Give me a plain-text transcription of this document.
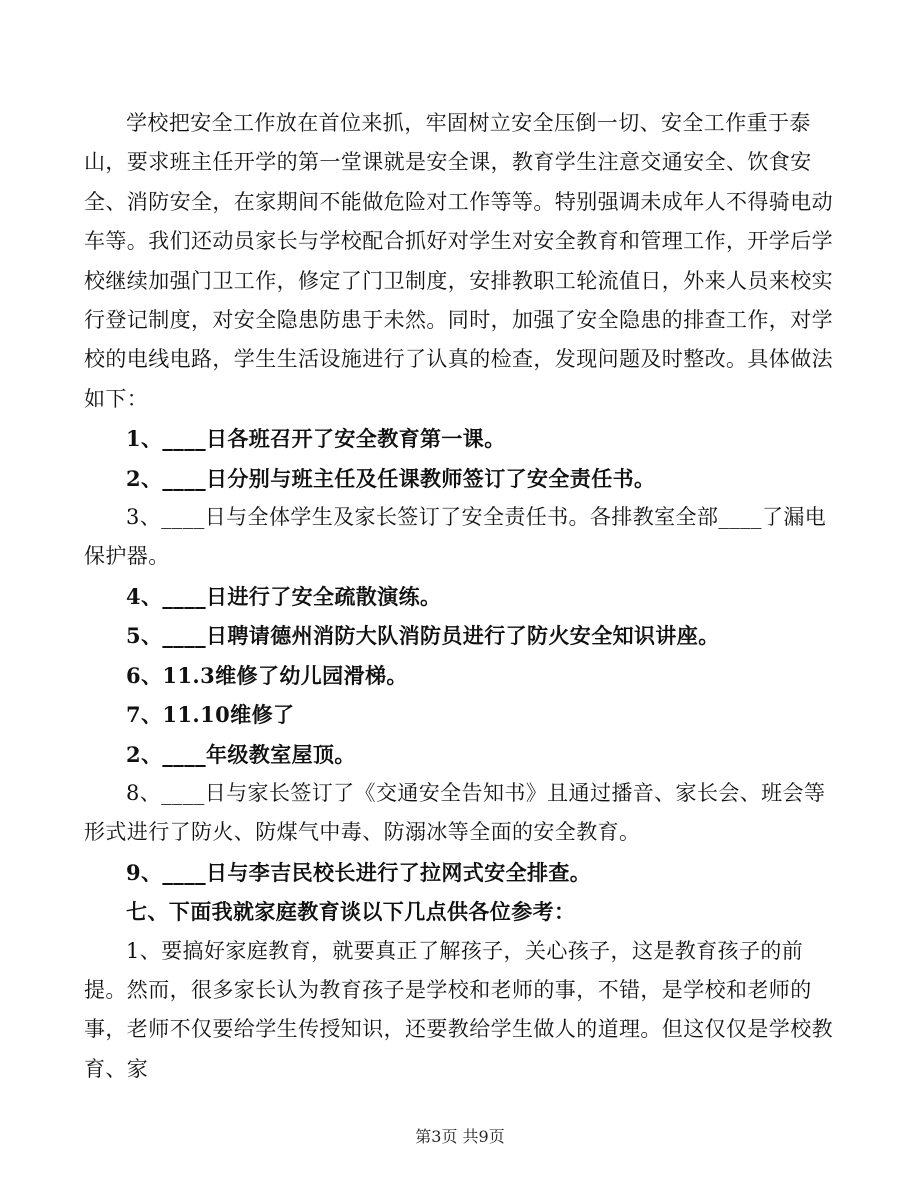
学校把安全工作放在首位来抓，牢固树立安全压倒一切、安全工作重于泰山，要求班主任开学的第一堂课就是安全课，教育学生注意交通安全、饮食安全、消防安全，在家期间不能做危险对工作等等。特别强调未成年人不得骑电动车等。我们还动员家长与学校配合抓好对学生对安全教育和管理工作，开学后学校继续加强门卫工作，修定了门卫制度，安排教职工轮流值日，外来人员来校实行登记制度，对安全隐患防患于未然。同时，加强了安全隐患的排查工作，对学校的电线电路，学生生活设施进行了认真的检查，发现问题及时整改。具体做法如下：

1、____日各班召开了安全教育第一课。

2、____日分别与班主任及任课教师签订了安全责任书。

3、____日与全体学生及家长签订了安全责任书。各排教室全部____了漏电保护器。

4、____日进行了安全疏散演练。

5、____日聘请德州消防大队消防员进行了防火安全知识讲座。

6、11.3维修了幼儿园滑梯。

7、11.10维修了

2、____年级教室屋顶。

8、____日与家长签订了《交通安全告知书》且通过播音、家长会、班会等形式进行了防火、防煤气中毒、防溺冰等全面的安全教育。

9、____日与李吉民校长进行了拉网式安全排查。

七、下面我就家庭教育谈以下几点供各位参考：

1、要搞好家庭教育，就要真正了解孩子，关心孩子，这是教育孩子的前提。然而，很多家长认为教育孩子是学校和老师的事，不错，是学校和老师的事，老师不仅要给学生传授知识，还要教给学生做人的道理。但这仅仅是学校教育、家

第3页 共9页
